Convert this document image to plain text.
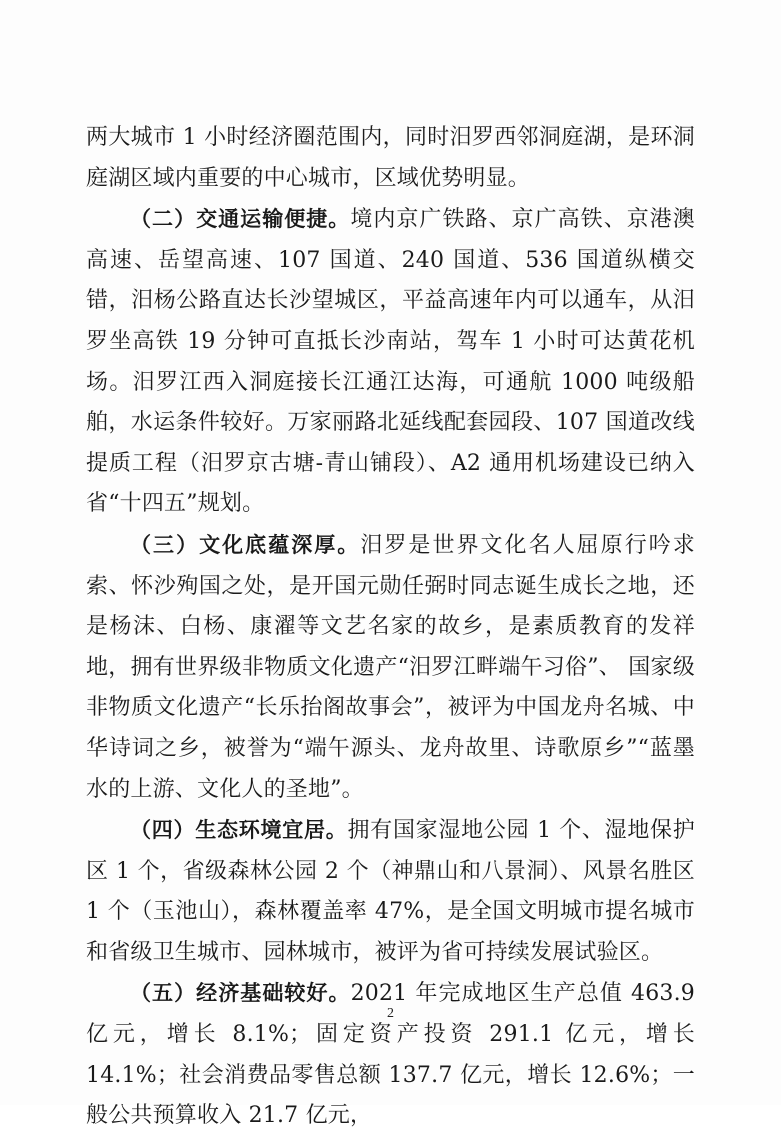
两大城市 1 小时经济圈范围内，同时汨罗西邻洞庭湖，是环洞庭湖区域内重要的中心城市，区域优势明显。

（二）交通运输便捷。境内京广铁路、京广高铁、京港澳高速、岳望高速、107 国道、240 国道、536 国道纵横交错，汨杨公路直达长沙望城区，平益高速年内可以通车，从汨罗坐高铁 19 分钟可直抵长沙南站，驾车 1 小时可达黄花机场。汨罗江西入洞庭接长江通江达海，可通航 1000 吨级船舶，水运条件较好。万家丽路北延线配套园段、107 国道改线提质工程（汨罗京古塘-青山铺段）、A2 通用机场建设已纳入省“十四五”规划。

（三）文化底蕴深厚。汨罗是世界文化名人屈原行吟求索、怀沙殉国之处，是开国元勋任弼时同志诞生成长之地，还是杨沫、白杨、康濯等文艺名家的故乡，是素质教育的发祥地，拥有世界级非物质文化遗产“汨罗江畔端午习俗”、 国家级非物质文化遗产“长乐抬阁故事会”，被评为中国龙舟名城、中华诗词之乡，被誉为“端午源头、龙舟故里、诗歌原乡”“蓝墨水的上游、文化人的圣地”。

（四）生态环境宜居。拥有国家湿地公园 1 个、湿地保护区 1 个，省级森林公园 2 个（神鼎山和八景洞）、风景名胜区 1 个（玉池山），森林覆盖率 47%，是全国文明城市提名城市和省级卫生城市、园林城市，被评为省可持续发展试验区。

（五）经济基础较好。2021 年完成地区生产总值 463.9 亿元，增长 8.1%；固定资产投资 291.1 亿元，增长 14.1%；社会消费品零售总额 137.7 亿元，增长 12.6%；一般公共预算收入 21.7 亿元，

2
